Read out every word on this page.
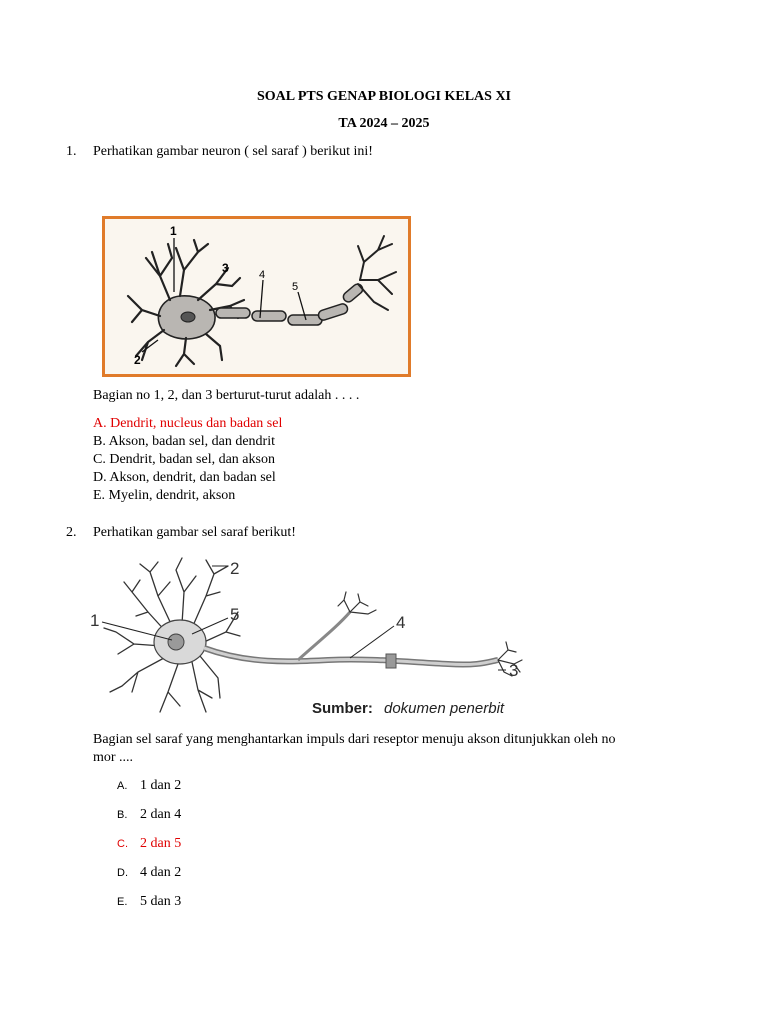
SOAL PTS GENAP BIOLOGI KELAS XI
TA 2024 – 2025
1. Perhatikan gambar neuron ( sel saraf ) berikut ini!
1
2
3	4
5
Bagian no 1, 2, dan 3 berturut-turut adalah . . . .
A. Dendrit, nucleus dan badan sel
B. Akson, badan sel, dan dendrit
C. Dendrit, badan sel, dan akson
D. Akson, dendrit, dan badan sel
E. Myelin, dendrit, akson
2. Perhatikan gambar sel saraf berikut!
1
2
3
4
5
Sumber: dokumen penerbit
Bagian sel saraf yang menghantarkan impuls dari reseptor menuju akson ditunjukkan oleh no
mor ....
A. 1 dan 2
B. 2 dan 4
C. 2 dan 5
D. 4 dan 2
E. 5 dan 3
